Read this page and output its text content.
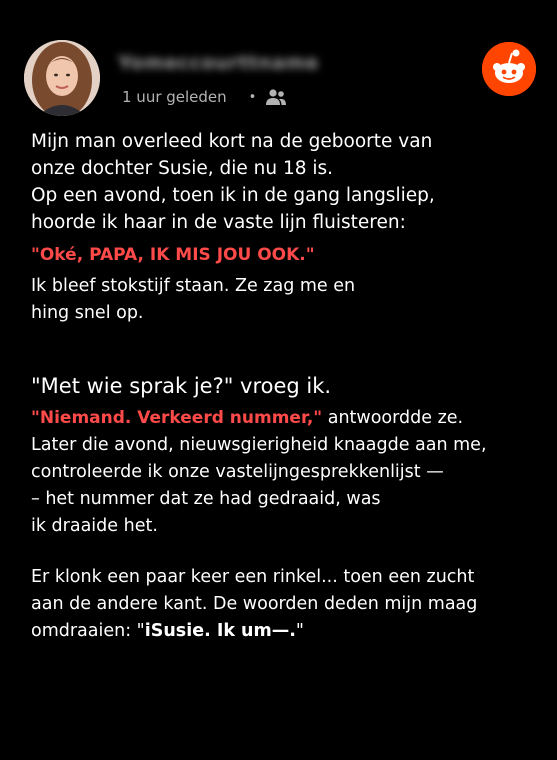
Yomeccourttname
1 uur geleden •

Mijn man overleed kort na de geboorte van

onze dochter Susie, die nu 18 is.

Op een avond, toen ik in de gang langsliep,

hoorde ik haar in de vaste lijn fluisteren:

"Oké, PAPA, IK MIS JOU OOK."

Ik bleef stokstijf staan. Ze zag me en

hing snel op.

"Met wie sprak je?" vroeg ik.

"Niemand. Verkeerd nummer," antwoordde ze.

Later die avond, nieuwsgierigheid knaagde aan me,

controleerde ik onze vastelijngesprekkenlijst —

– het nummer dat ze had gedraaid, was

ik draaide het.

Er klonk een paar keer een rinkel... toen een zucht

aan de andere kant. De woorden deden mijn maag

omdraaien: "iSusie. Ik um—."
